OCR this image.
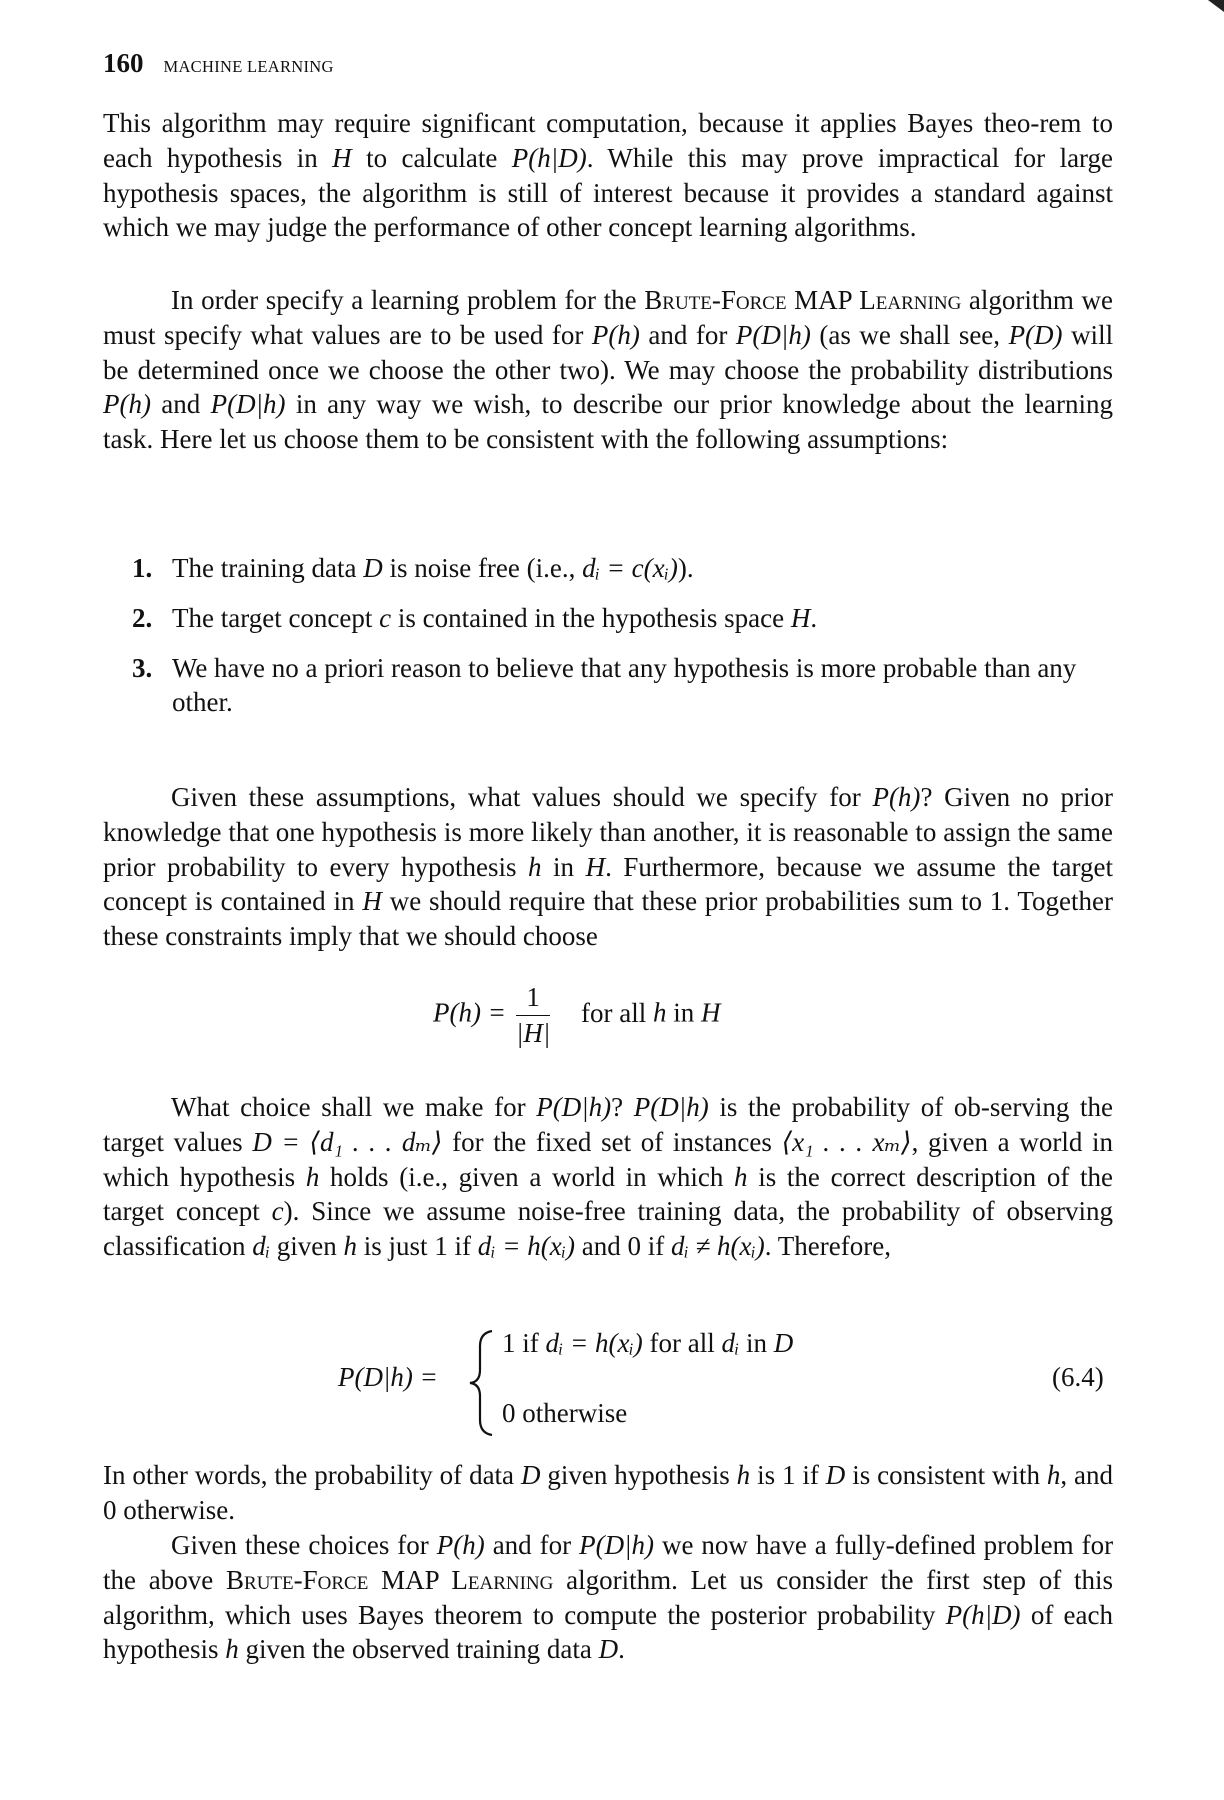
160 MACHINE LEARNING
This algorithm may require significant computation, because it applies Bayes theo-rem to each hypothesis in H to calculate P(h|D). While this may prove impractical for large hypothesis spaces, the algorithm is still of interest because it provides a standard against which we may judge the performance of other concept learning algorithms.
In order specify a learning problem for the Brute-Force MAP Learning algorithm we must specify what values are to be used for P(h) and for P(D|h) (as we shall see, P(D) will be determined once we choose the other two). We may choose the probability distributions P(h) and P(D|h) in any way we wish, to describe our prior knowledge about the learning task. Here let us choose them to be consistent with the following assumptions:
1. The training data D is noise free (i.e., dᵢ = c(xᵢ)).
2. The target concept c is contained in the hypothesis space H.
3. We have no a priori reason to believe that any hypothesis is more probable than any other.
Given these assumptions, what values should we specify for P(h)? Given no prior knowledge that one hypothesis is more likely than another, it is reasonable to assign the same prior probability to every hypothesis h in H. Furthermore, because we assume the target concept is contained in H we should require that these prior probabilities sum to 1. Together these constraints imply that we should choose
$P(h) = \frac{1}{|H|}$ for all h in H
What choice shall we make for P(D|h)? P(D|h) is the probability of ob-serving the target values D = ⟨d₁ . . . dₘ⟩ for the fixed set of instances ⟨x₁ . . . xₘ⟩, given a world in which hypothesis h holds (i.e., given a world in which h is the correct description of the target concept c). Since we assume noise-free training data, the probability of observing classification dᵢ given h is just 1 if dᵢ = h(xᵢ) and 0 if dᵢ ≠ h(xᵢ). Therefore,
P(D|h) =
1 if dᵢ = h(xᵢ) for all dᵢ in D
0 otherwise
(6.4)
In other words, the probability of data D given hypothesis h is 1 if D is consistent with h, and 0 otherwise.
Given these choices for P(h) and for P(D|h) we now have a fully-defined problem for the above Brute-Force MAP Learning algorithm. Let us consider the first step of this algorithm, which uses Bayes theorem to compute the posterior probability P(h|D) of each hypothesis h given the observed training data D.
